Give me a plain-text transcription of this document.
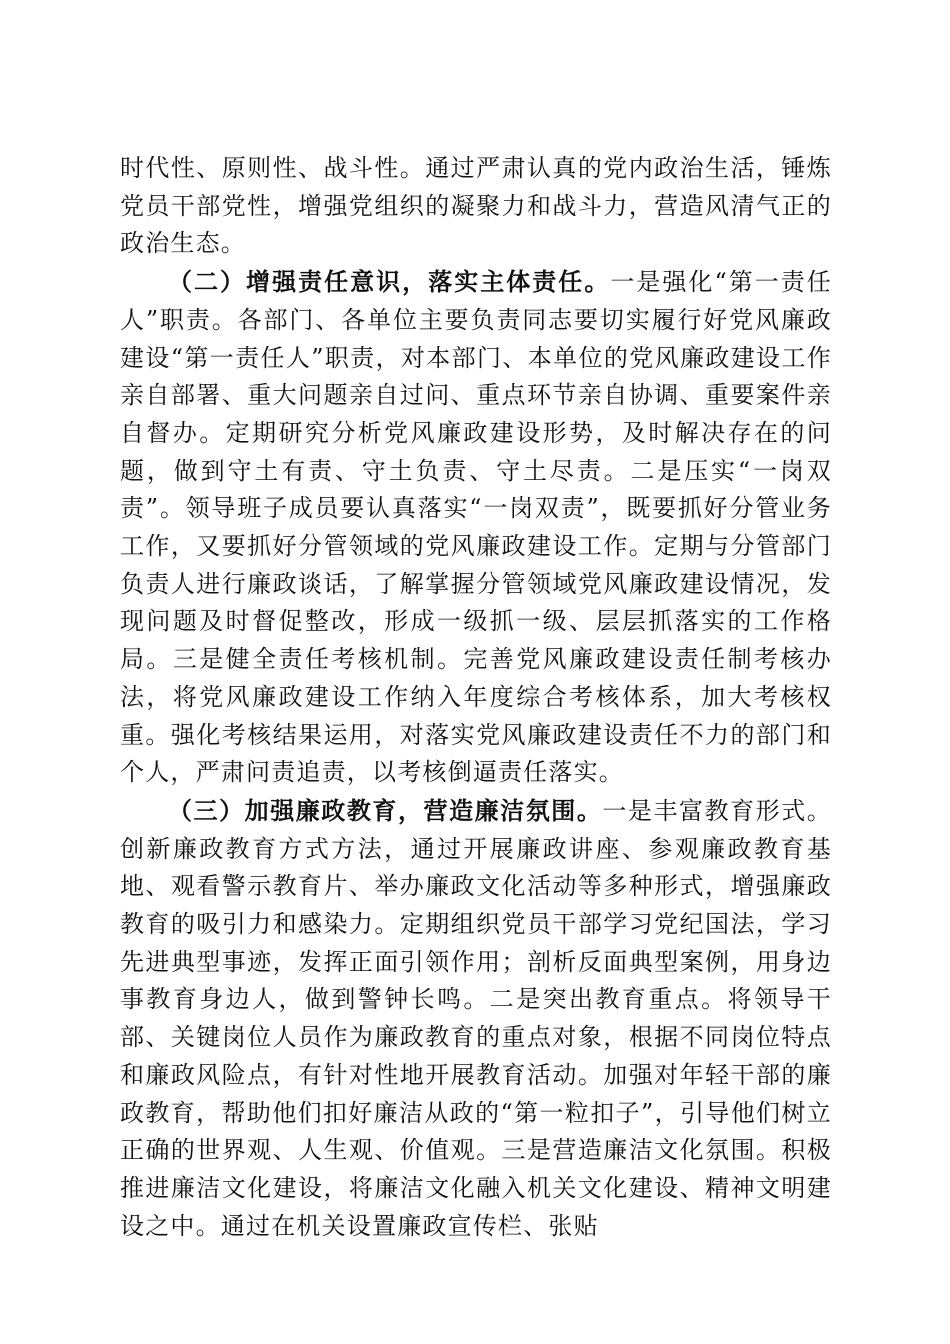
时代性、原则性、战斗性。通过严肃认真的党内政治生活，锤炼党员干部党性，增强党组织的凝聚力和战斗力，营造风清气正的政治生态。

（二）增强责任意识，落实主体责任。一是强化“第一责任人”职责。各部门、各单位主要负责同志要切实履行好党风廉政建设“第一责任人”职责，对本部门、本单位的党风廉政建设工作亲自部署、重大问题亲自过问、重点环节亲自协调、重要案件亲自督办。定期研究分析党风廉政建设形势，及时解决存在的问题，做到守土有责、守土负责、守土尽责。二是压实“一岗双责”。领导班子成员要认真落实“一岗双责”，既要抓好分管业务工作，又要抓好分管领域的党风廉政建设工作。定期与分管部门负责人进行廉政谈话，了解掌握分管领域党风廉政建设情况，发现问题及时督促整改，形成一级抓一级、层层抓落实的工作格局。三是健全责任考核机制。完善党风廉政建设责任制考核办法，将党风廉政建设工作纳入年度综合考核体系，加大考核权重。强化考核结果运用，对落实党风廉政建设责任不力的部门和个人，严肃问责追责，以考核倒逼责任落实。

（三）加强廉政教育，营造廉洁氛围。一是丰富教育形式。创新廉政教育方式方法，通过开展廉政讲座、参观廉政教育基地、观看警示教育片、举办廉政文化活动等多种形式，增强廉政教育的吸引力和感染力。定期组织党员干部学习党纪国法，学习先进典型事迹，发挥正面引领作用；剖析反面典型案例，用身边事教育身边人，做到警钟长鸣。二是突出教育重点。将领导干部、关键岗位人员作为廉政教育的重点对象，根据不同岗位特点和廉政风险点，有针对性地开展教育活动。加强对年轻干部的廉政教育，帮助他们扣好廉洁从政的“第一粒扣子”，引导他们树立正确的世界观、人生观、价值观。三是营造廉洁文化氛围。积极推进廉洁文化建设，将廉洁文化融入机关文化建设、精神文明建设之中。通过在机关设置廉政宣传栏、张贴
